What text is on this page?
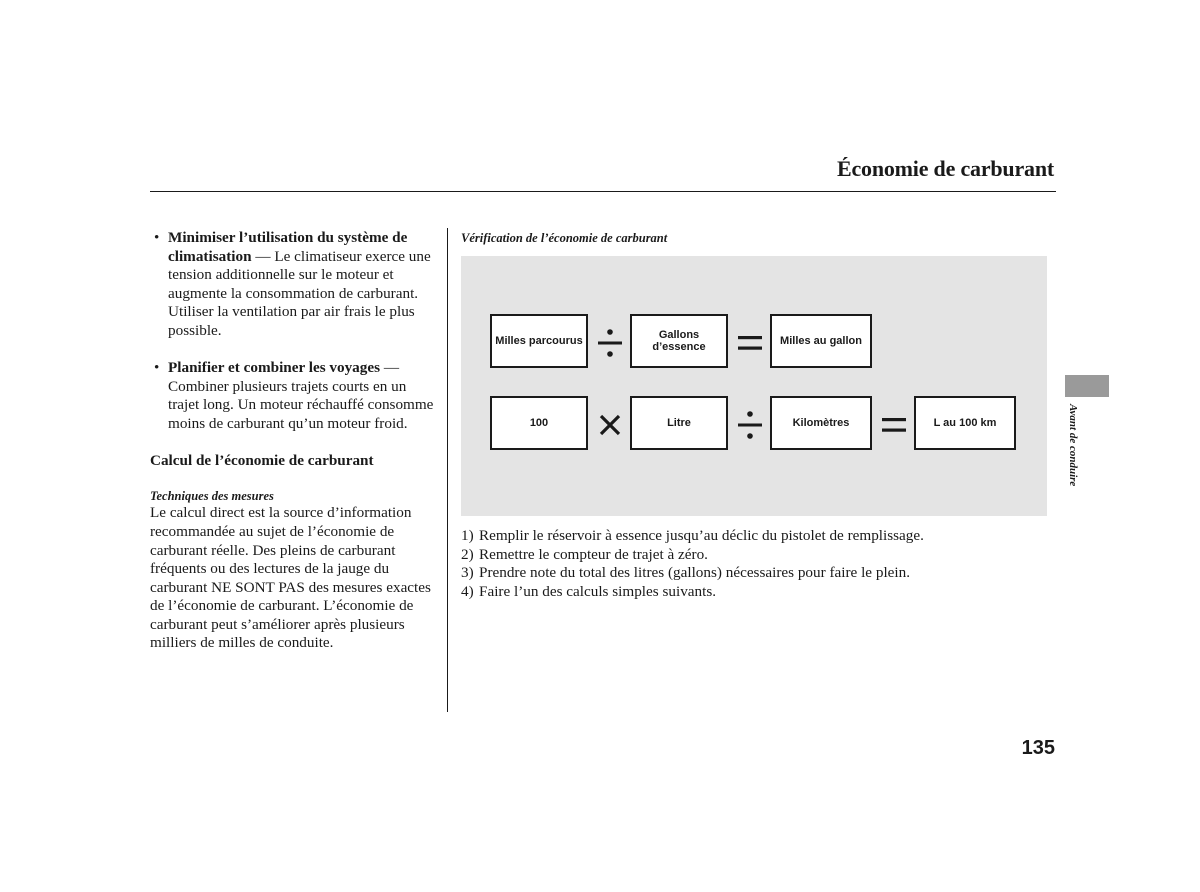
Économie de carburant
• Minimiser l’utilisation du système de climatisation — Le climatiseur exerce une tension additionnelle sur le moteur et augmente la consommation de carburant. Utiliser la ventilation par air frais le plus possible.
• Planifier et combiner les voyages — Combiner plusieurs trajets courts en un trajet long. Un moteur réchauffé consomme moins de carburant qu’un moteur froid.
Calcul de l’économie de carburant
Techniques des mesures
Le calcul direct est la source d’information recommandée au sujet de l’économie de carburant réelle. Des pleins de carburant fréquents ou des lectures de la jauge du carburant NE SONT PAS des mesures exactes de l’économie de carburant. L’économie de carburant peut s’améliorer après plusieurs milliers de milles de conduite.
Vérification de l’économie de carburant
Milles parcourus	Gallons
d’essence	Milles au gallon
100	Litre	Kilomètres	L au 100 km
1) Remplir le réservoir à essence jusqu’au déclic du pistolet de remplissage.
2) Remettre le compteur de trajet à zéro.
3) Prendre note du total des litres (gallons) nécessaires pour faire le plein.
4) Faire l’un des calculs simples suivants.
Avant de conduire
135
